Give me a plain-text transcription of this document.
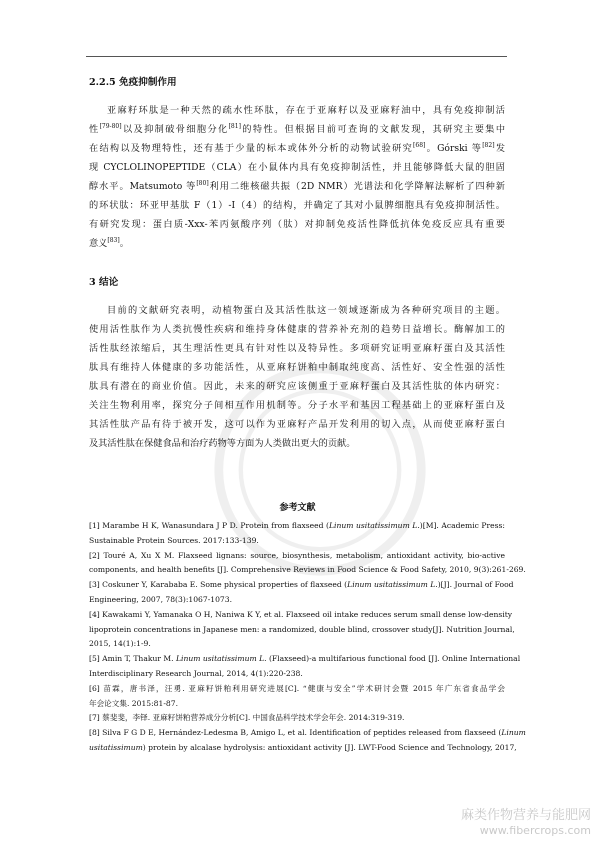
2.2.5 免疫抑制作用
亚麻籽环肽是一种天然的疏水性环肽，存在于亚麻籽以及亚麻籽油中，具有免疫抑制活
性[79-80]以及抑制破骨细胞分化[81]的特性。但根据目前可查询的文献发现，其研究主要集中
在结构以及物理特性，还有基于少量的标本或体外分析的动物试验研究[68]。Górski 等[82]发
现 CYCLOLINOPEPTIDE（CLA）在小鼠体内具有免疫抑制活性，并且能够降低大鼠的胆固
醇水平。Matsumoto 等[80]利用二维核磁共振（2D NMR）光谱法和化学降解法解析了四种新
的环状肽：环亚甲基肽 F（1）-I（4）的结构，并确定了其对小鼠脾细胞具有免疫抑制活性。
有研究发现：蛋白质-Xxx-苯丙氨酸序列（肽）对抑制免疫活性降低抗体免疫反应具有重要
意义[83]。
3 结论
目前的文献研究表明，动植物蛋白及其活性肽这一领域逐渐成为各种研究项目的主题。
使用活性肽作为人类抗慢性疾病和维持身体健康的营养补充剂的趋势日益增长。酶解加工的
活性肽经浓缩后，其生理活性更具有针对性以及特异性。多项研究证明亚麻籽蛋白及其活性
肽具有维持人体健康的多功能活性，从亚麻籽饼粕中制取纯度高、活性好、安全性强的活性
肽具有潜在的商业价值。因此，未来的研究应该侧重于亚麻籽蛋白及其活性肽的体内研究：
关注生物利用率，探究分子间相互作用机制等。分子水平和基因工程基础上的亚麻籽蛋白及
其活性肽产品有待于被开发，这可以作为亚麻籽产品开发利用的切入点，从而使亚麻籽蛋白
及其活性肽在保健食品和治疗药物等方面为人类做出更大的贡献。
参考文献
[1] Marambe H K, Wanasundara J P D. Protein from flaxseed (Linum usitatissimum L.)[M]. Academic Press:
Sustainable Protein Sources. 2017:133-139.
[2] Touré A, Xu X M. Flaxseed lignans: source, biosynthesis, metabolism, antioxidant activity, bio-active
components, and health benefits [J]. Comprehensive Reviews in Food Science & Food Safety, 2010, 9(3):261-269.
[3] Coskuner Y, Karababa E. Some physical properties of flaxseed (Linum usitatissimum L.)[J]. Journal of Food
Engineering, 2007, 78(3):1067-1073.
[4] Kawakami Y, Yamanaka O H, Naniwa K Y, et al. Flaxseed oil intake reduces serum small dense low-density
lipoprotein concentrations in Japanese men: a randomized, double blind, crossover study[J]. Nutrition Journal,
2015, 14(1):1-9.
[5] Amin T, Thakur M. Linum usitatissimum L. (Flaxseed)-a multifarious functional food [J]. Online International
Interdisciplinary Research Journal, 2014, 4(1):220-238.
[6] 苗霖，唐书泽，汪勇. 亚麻籽饼粕利用研究进展[C]. “健康与安全”学术研讨会暨 2015 年广东省食品学会
年会论文集. 2015:81-87.
[7] 蔡斐斐，李铎. 亚麻籽饼粕营养成分分析[C]. 中国食品科学技术学会年会. 2014:319-319.
[8] Silva F G D E, Hernández-Ledesma B, Amigo L, et al. Identification of peptides released from flaxseed (Linum
usitatissimum) protein by alcalase hydrolysis: antioxidant activity [J]. LWT-Food Science and Technology, 2017,
麻类作物营养与能肥网
www.fibercrops.com
